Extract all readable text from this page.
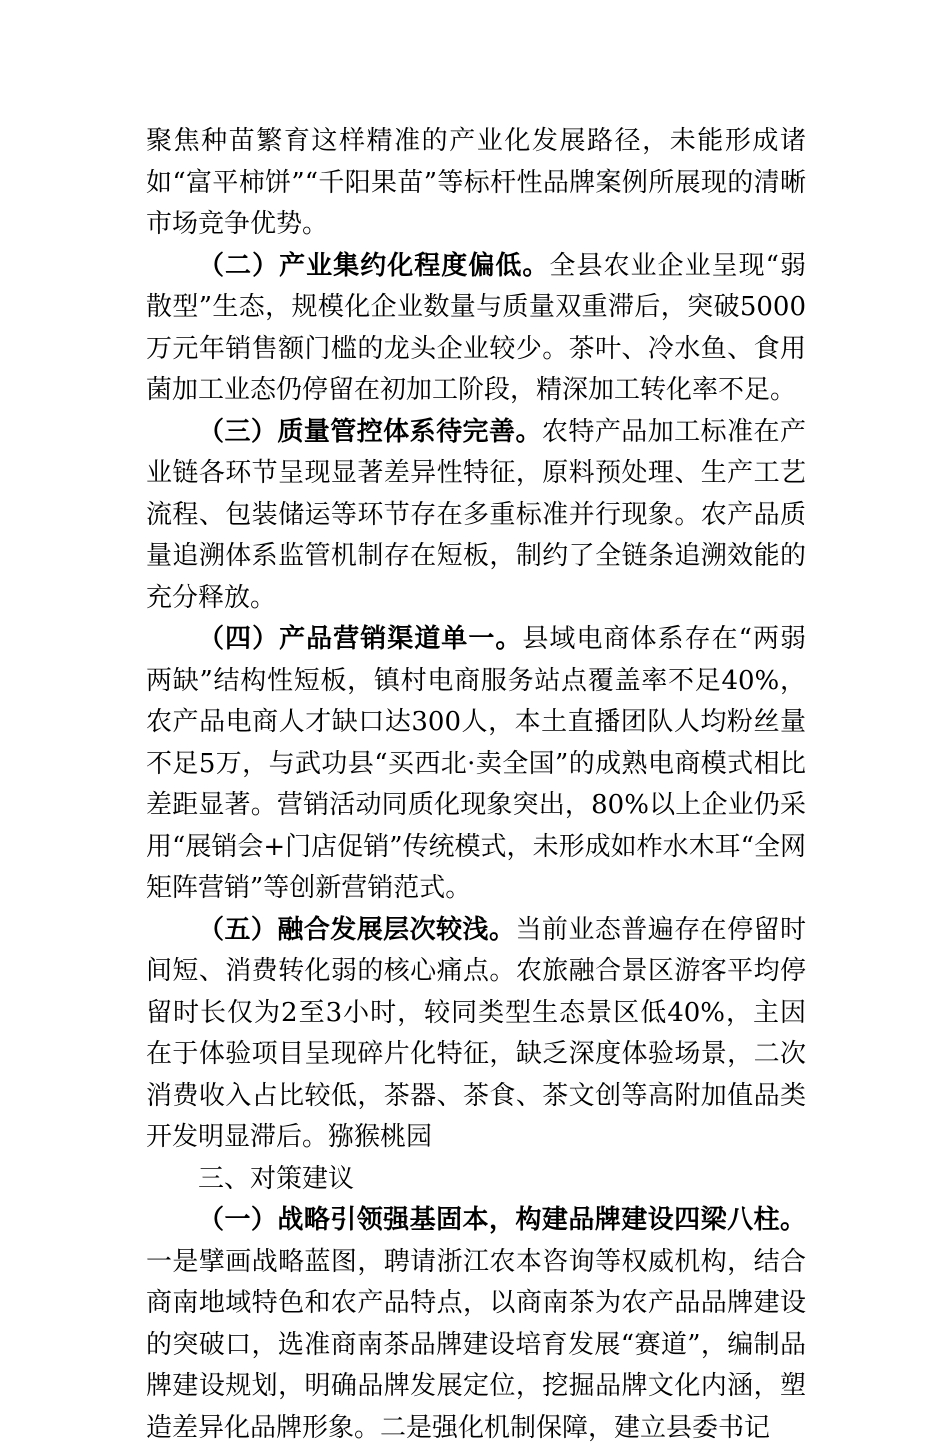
聚焦种苗繁育这样精准的产业化发展路径，未能形成诸如“富平柿饼”“千阳果苗”等标杆性品牌案例所展现的清晰市场竞争优势。

（二）产业集约化程度偏低。全县农业企业呈现“弱散型”生态，规模化企业数量与质量双重滞后，突破5000万元年销售额门槛的龙头企业较少。茶叶、冷水鱼、食用菌加工业态仍停留在初加工阶段，精深加工转化率不足。

（三）质量管控体系待完善。农特产品加工标准在产业链各环节呈现显著差异性特征，原料预处理、生产工艺流程、包装储运等环节存在多重标准并行现象。农产品质量追溯体系监管机制存在短板，制约了全链条追溯效能的充分释放。

（四）产品营销渠道单一。县域电商体系存在“两弱两缺”结构性短板，镇村电商服务站点覆盖率不足40%，农产品电商人才缺口达300人，本土直播团队人均粉丝量不足5万，与武功县“买西北·卖全国”的成熟电商模式相比差距显著。营销活动同质化现象突出，80%以上企业仍采用“展销会+门店促销”传统模式，未形成如柞水木耳“全网矩阵营销”等创新营销范式。

（五）融合发展层次较浅。当前业态普遍存在停留时间短、消费转化弱的核心痛点。农旅融合景区游客平均停留时长仅为2至3小时，较同类型生态景区低40%，主因在于体验项目呈现碎片化特征，缺乏深度体验场景，二次消费收入占比较低，茶器、茶食、茶文创等高附加值品类开发明显滞后。猕猴桃园

三、对策建议

（一）战略引领强基固本，构建品牌建设四梁八柱。一是擘画战略蓝图，聘请浙江农本咨询等权威机构，结合商南地域特色和农产品特点，以商南茶为农产品品牌建设的突破口，选准商南茶品牌建设培育发展“赛道”，编制品牌建设规划，明确品牌发展定位，挖掘品牌文化内涵，塑造差异化品牌形象。二是强化机制保障，建立县委书记
